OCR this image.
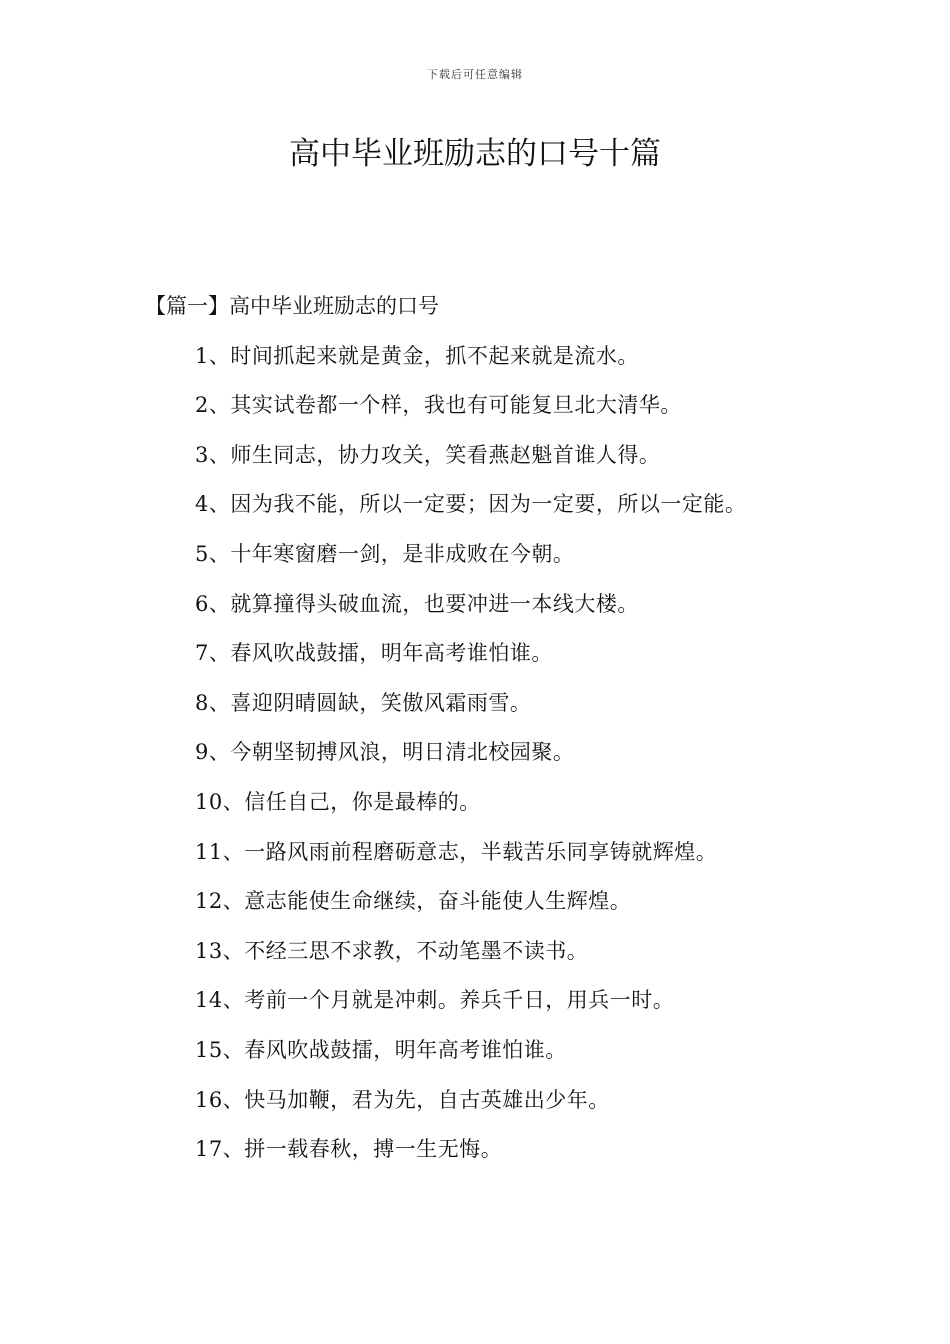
下载后可任意编辑
高中毕业班励志的口号十篇

【篇一】高中毕业班励志的口号

1、时间抓起来就是黄金，抓不起来就是流水。

2、其实试卷都一个样，我也有可能复旦北大清华。

3、师生同志，协力攻关，笑看燕赵魁首谁人得。

4、因为我不能，所以一定要；因为一定要，所以一定能。

5、十年寒窗磨一剑，是非成败在今朝。

6、就算撞得头破血流，也要冲进一本线大楼。

7、春风吹战鼓擂，明年高考谁怕谁。

8、喜迎阴晴圆缺，笑傲风霜雨雪。

9、今朝坚韧搏风浪，明日清北校园聚。

10、信任自己，你是最棒的。

11、一路风雨前程磨砺意志，半载苦乐同享铸就辉煌。

12、意志能使生命继续，奋斗能使人生辉煌。

13、不经三思不求教，不动笔墨不读书。

14、考前一个月就是冲刺。养兵千日，用兵一时。

15、春风吹战鼓擂，明年高考谁怕谁。

16、快马加鞭，君为先，自古英雄出少年。

17、拼一载春秋，搏一生无悔。
